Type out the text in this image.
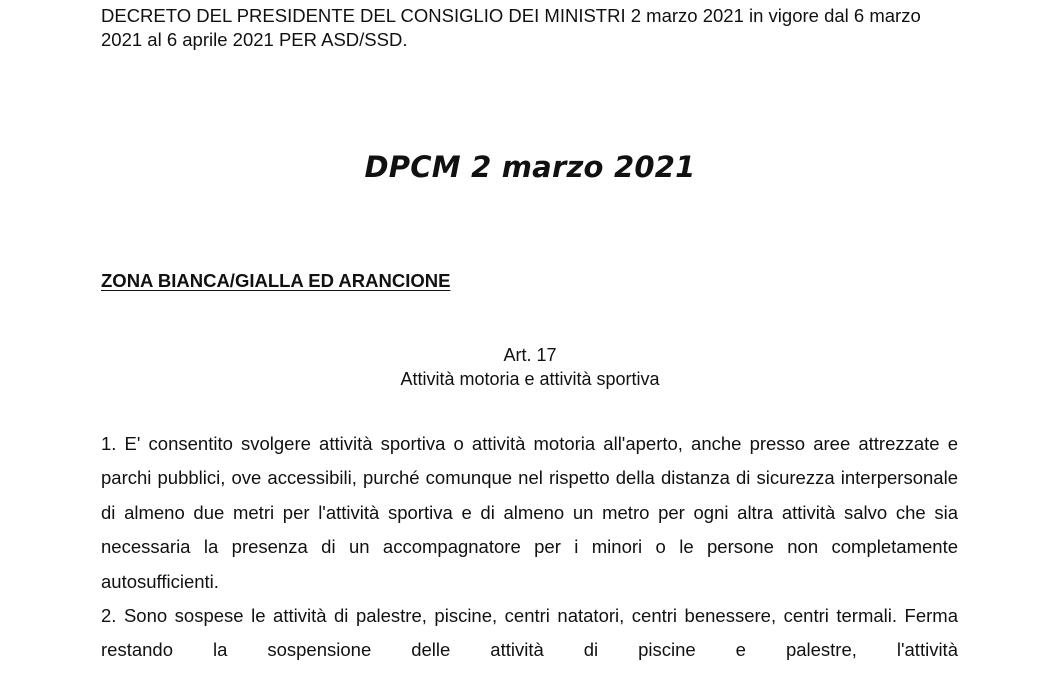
DECRETO DEL PRESIDENTE DEL CONSIGLIO DEI MINISTRI 2 marzo 2021 in vigore dal 6 marzo 2021 al 6 aprile 2021 PER ASD/SSD.
DPCM 2 marzo 2021
ZONA BIANCA/GIALLA ED ARANCIONE
Art. 17
Attività motoria e attività sportiva

1. E' consentito svolgere attività sportiva o attività motoria all'aperto, anche presso aree attrezzate e parchi pubblici, ove accessibili, purché comunque nel rispetto della distanza di sicurezza interpersonale di almeno due metri per l'attività sportiva e di almeno un metro per ogni altra attività salvo che sia necessaria la presenza di un accompagnatore per i minori o le persone non completamente autosufficienti.

2. Sono sospese le attività di palestre, piscine, centri natatori, centri benessere, centri termali. Ferma restando la sospensione delle attività di piscine e palestre, l'attività
